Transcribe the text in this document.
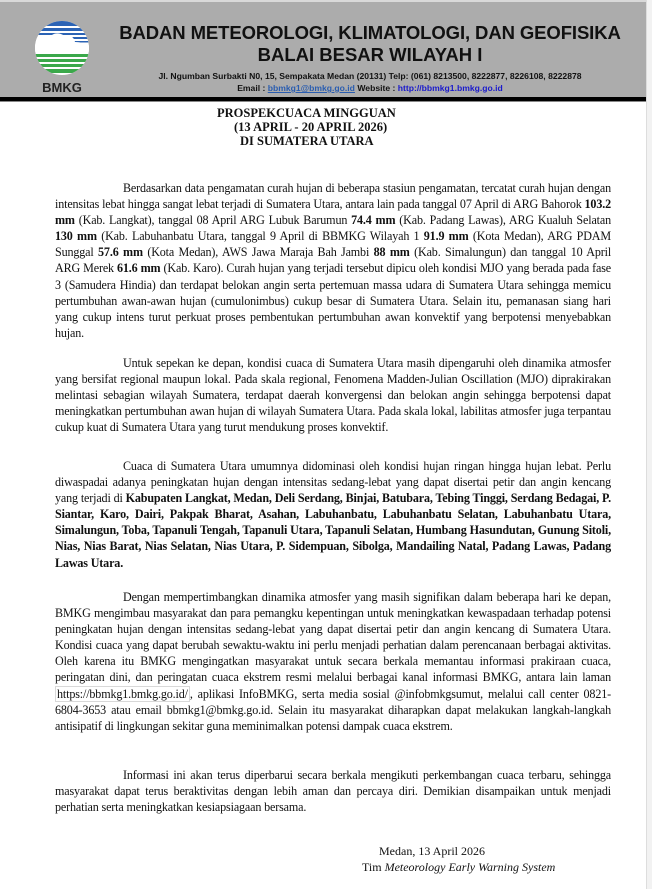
BMKG
BADAN METEOROLOGI, KLIMATOLOGI, DAN GEOFISIKA
BALAI BESAR WILAYAH I
Jl. Ngumban Surbakti N0, 15, Sempakata Medan (20131) Telp: (061) 8213500, 8222877, 8226108, 8222878
Email : bbmkg1@bmkg.go.id Website : http://bbmkg1.bmkg.go.id
PROSPEKCUACA MINGGUAN
(13 APRIL - 20 APRIL 2026)
DI SUMATERA UTARA

Berdasarkan data pengamatan curah hujan di beberapa stasiun pengamatan, tercatat curah hujan dengan intensitas lebat hingga sangat lebat terjadi di Sumatera Utara, antara lain pada tanggal 07 April di ARG Bahorok 103.2 mm (Kab. Langkat), tanggal 08 April ARG Lubuk Barumun 74.4 mm (Kab. Padang Lawas), ARG Kualuh Selatan 130 mm (Kab. Labuhanbatu Utara, tanggal 9 April di BBMKG Wilayah 1 91.9 mm (Kota Medan), ARG PDAM Sunggal 57.6 mm (Kota Medan), AWS Jawa Maraja Bah Jambi 88 mm (Kab. Simalungun) dan tanggal 10 April ARG Merek 61.6 mm (Kab. Karo). Curah hujan yang terjadi tersebut dipicu oleh kondisi MJO yang berada pada fase 3 (Samudera Hindia) dan terdapat belokan angin serta pertemuan massa udara di Sumatera Utara sehingga memicu pertumbuhan awan-awan hujan (cumulonimbus) cukup besar di Sumatera Utara. Selain itu, pemanasan siang hari yang cukup intens turut perkuat proses pembentukan pertumbuhan awan konvektif yang berpotensi menyebabkan hujan.

Untuk sepekan ke depan, kondisi cuaca di Sumatera Utara masih dipengaruhi oleh dinamika atmosfer yang bersifat regional maupun lokal. Pada skala regional, Fenomena Madden-Julian Oscillation (MJO) diprakirakan melintasi sebagian wilayah Sumatera, terdapat daerah konvergensi dan belokan angin sehingga berpotensi dapat meningkatkan pertumbuhan awan hujan di wilayah Sumatera Utara. Pada skala lokal, labilitas atmosfer juga terpantau cukup kuat di Sumatera Utara yang turut mendukung proses konvektif.

Cuaca di Sumatera Utara umumnya didominasi oleh kondisi hujan ringan hingga hujan lebat. Perlu diwaspadai adanya peningkatan hujan dengan intensitas sedang-lebat yang dapat disertai petir dan angin kencang yang terjadi di Kabupaten Langkat, Medan, Deli Serdang, Binjai, Batubara, Tebing Tinggi, Serdang Bedagai, P. Siantar, Karo, Dairi, Pakpak Bharat, Asahan, Labuhanbatu, Labuhanbatu Selatan, Labuhanbatu Utara, Simalungun, Toba, Tapanuli Tengah, Tapanuli Utara, Tapanuli Selatan, Humbang Hasundutan, Gunung Sitoli, Nias, Nias Barat, Nias Selatan, Nias Utara, P. Sidempuan, Sibolga, Mandailing Natal, Padang Lawas, Padang Lawas Utara.

Dengan mempertimbangkan dinamika atmosfer yang masih signifikan dalam beberapa hari ke depan, BMKG mengimbau masyarakat dan para pemangku kepentingan untuk meningkatkan kewaspadaan terhadap potensi peningkatan hujan dengan intensitas sedang-lebat yang dapat disertai petir dan angin kencang di Sumatera Utara. Kondisi cuaca yang dapat berubah sewaktu-waktu ini perlu menjadi perhatian dalam perencanaan berbagai aktivitas. Oleh karena itu BMKG mengingatkan masyarakat untuk secara berkala memantau informasi prakiraan cuaca, peringatan dini, dan peringatan cuaca ekstrem resmi melalui berbagai kanal informasi BMKG, antara lain laman https://bbmkg1.bmkg.go.id/ , aplikasi InfoBMKG, serta media sosial @infobmkgsumut, melalui call center 0821-6804-3653 atau email bbmkg1@bmkg.go.id. Selain itu masyarakat diharapkan dapat melakukan langkah-langkah antisipatif di lingkungan sekitar guna meminimalkan potensi dampak cuaca ekstrem.

Informasi ini akan terus diperbarui secara berkala mengikuti perkembangan cuaca terbaru, sehingga masyarakat dapat terus beraktivitas dengan lebih aman dan percaya diri. Demikian disampaikan untuk menjadi perhatian serta meningkatkan kesiapsiagaan bersama.

Medan, 13 April 2026
Tim Meteorology Early Warning System
